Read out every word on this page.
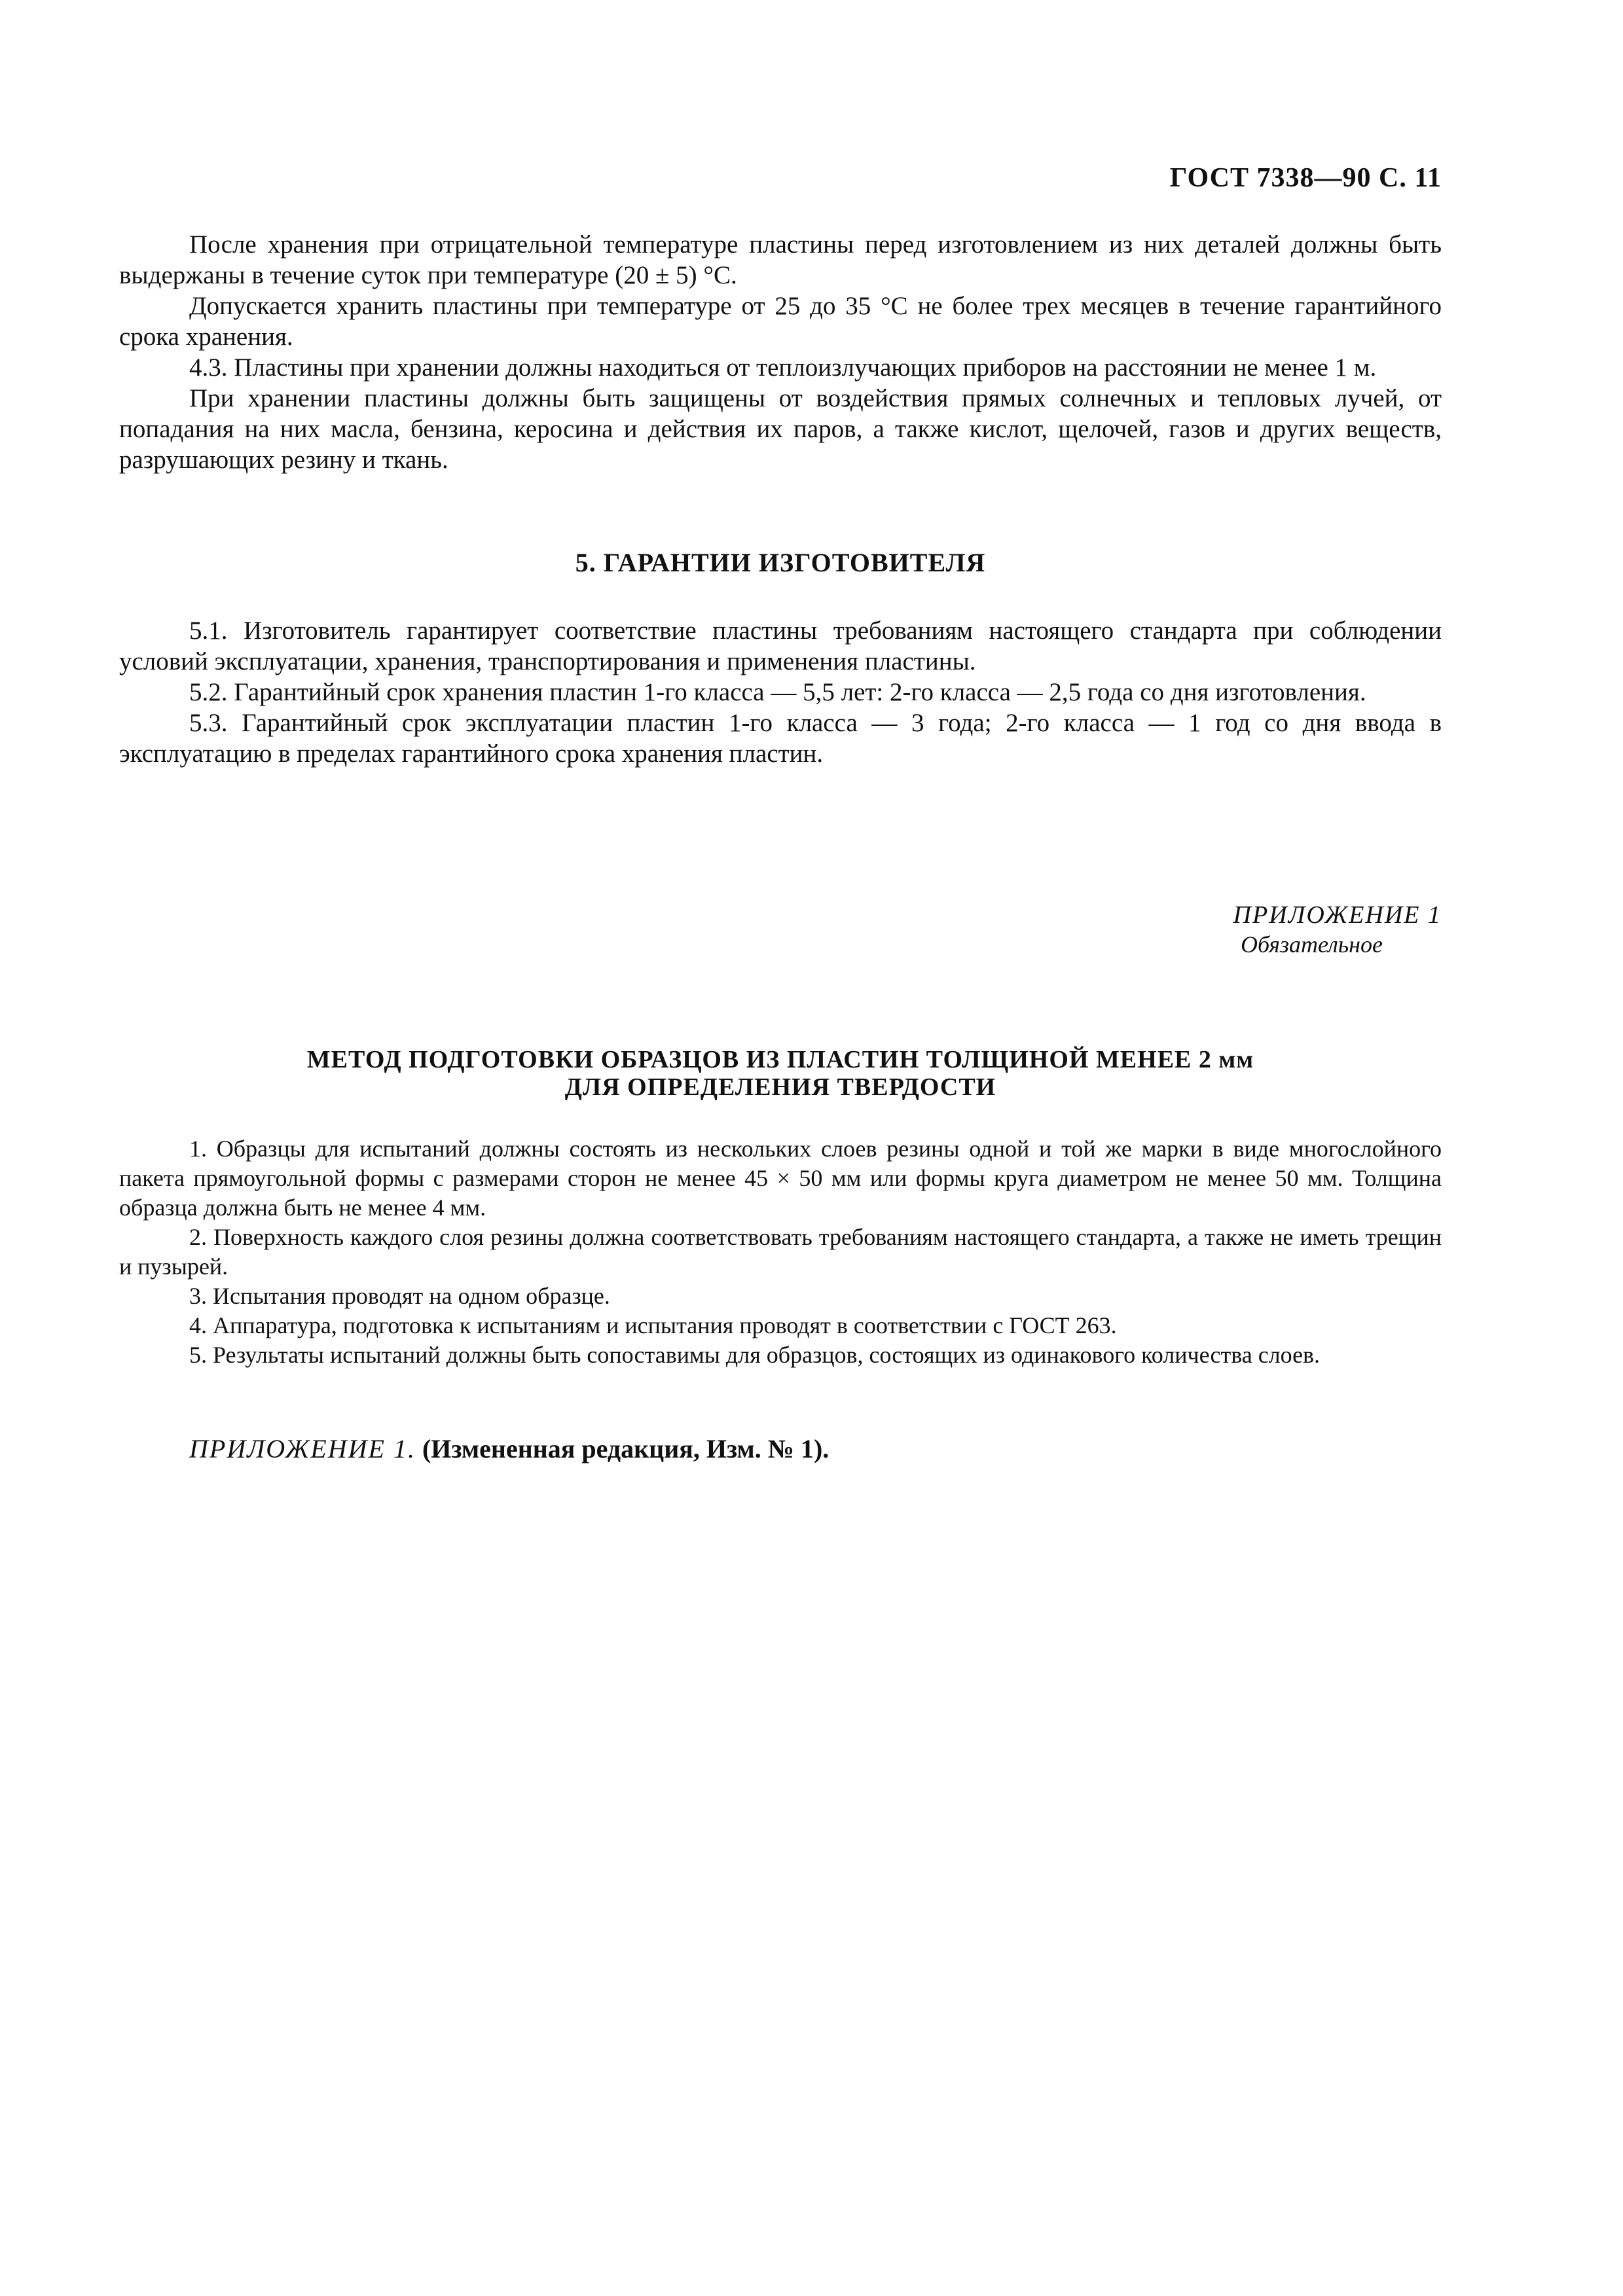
ГОСТ 7338—90 С. 11

После хранения при отрицательной температуре пластины перед изготовлением из них деталей должны быть выдержаны в течение суток при температуре (20 ± 5) °С.

Допускается хранить пластины при температуре от 25 до 35 °С не более трех месяцев в течение гарантийного срока хранения.

4.3. Пластины при хранении должны находиться от теплоизлучающих приборов на расстоянии не менее 1 м.

При хранении пластины должны быть защищены от воздействия прямых солнечных и тепловых лучей, от попадания на них масла, бензина, керосина и действия их паров, а также кислот, щелочей, газов и других веществ, разрушающих резину и ткань.

5. ГАРАНТИИ ИЗГОТОВИТЕЛЯ

5.1. Изготовитель гарантирует соответствие пластины требованиям настоящего стандарта при соблюдении условий эксплуатации, хранения, транспортирования и применения пластины.

5.2. Гарантийный срок хранения пластин 1-го класса — 5,5 лет: 2-го класса — 2,5 года со дня изготовления.

5.3. Гарантийный срок эксплуатации пластин 1-го класса — 3 года; 2-го класса — 1 год со дня ввода в эксплуатацию в пределах гарантийного срока хранения пластин.

ПРИЛОЖЕНИЕ 1
Обязательное
МЕТОД ПОДГОТОВКИ ОБРАЗЦОВ ИЗ ПЛАСТИН ТОЛЩИНОЙ МЕНЕЕ 2 мм
ДЛЯ ОПРЕДЕЛЕНИЯ ТВЕРДОСТИ

1. Образцы для испытаний должны состоять из нескольких слоев резины одной и той же марки в виде многослойного пакета прямоугольной формы с размерами сторон не менее 45 × 50 мм или формы круга диаметром не менее 50 мм. Толщина образца должна быть не менее 4 мм.

2. Поверхность каждого слоя резины должна соответствовать требованиям настоящего стандарта, а также не иметь трещин и пузырей.

3. Испытания проводят на одном образце.

4. Аппаратура, подготовка к испытаниям и испытания проводят в соответствии с ГОСТ 263.

5. Результаты испытаний должны быть сопоставимы для образцов, состоящих из одинакового количества слоев.

ПРИЛОЖЕНИЕ 1. (Измененная редакция, Изм. № 1).
